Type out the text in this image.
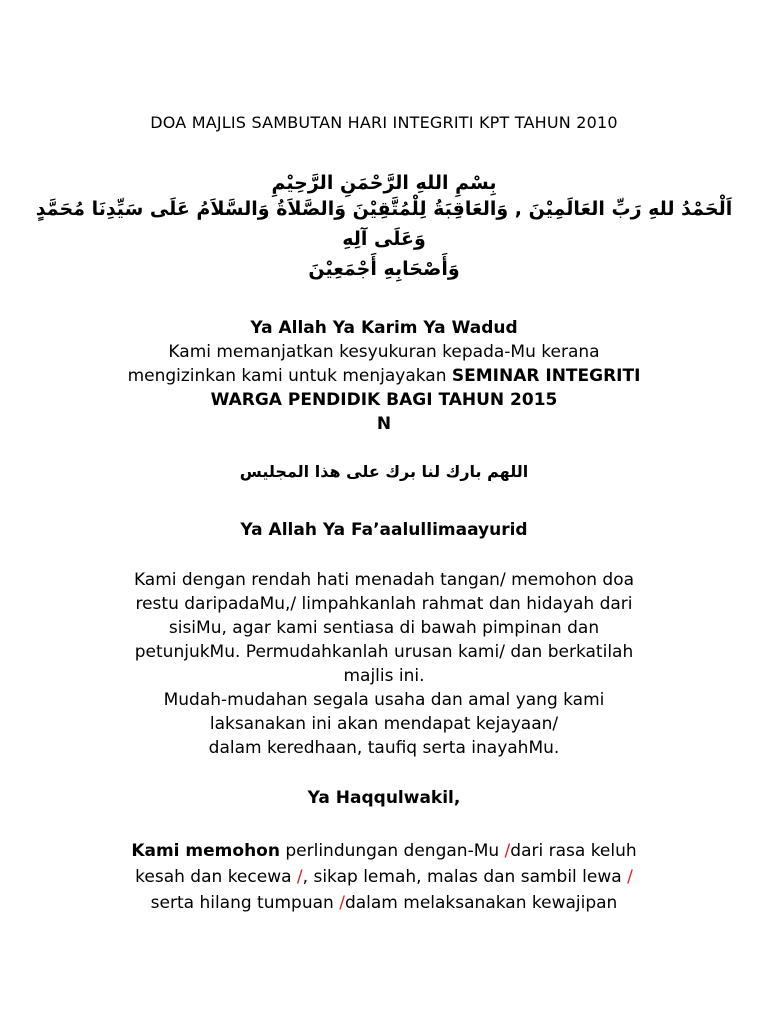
DOA MAJLIS SAMBUTAN HARI INTEGRITI KPT TAHUN 2010
بِسْمِ اللهِ الرَّحْمَنِ الرَّحِيْمِ
اَلْحَمْدُ للهِ رَبِّ العَالَمِيْنَ , وَالعَاقِبَةُ لِلْمُتَّقِيْنَ وَالصَّلاَةُ وَالسَّلاَمُ عَلَى سَيِّدِنَا مُحَمَّدٍ
وَعَلَى آلِهِ
وَأَصْحَابِهِ أَجْمَعِيْنَ
Ya Allah Ya Karim Ya Wadud
Kami memanjatkan kesyukuran kepada-Mu kerana
mengizinkan kami untuk menjayakan SEMINAR INTEGRITI
WARGA PENDIDIK BAGI TAHUN 2015
N
اللهم بارك لنا برك على هذا المجليس
Ya Allah Ya Fa’aalullimaayurid
Kami dengan rendah hati menadah tangan/ memohon doa
restu daripadaMu,/ limpahkanlah rahmat dan hidayah dari
sisiMu, agar kami sentiasa di bawah pimpinan dan
petunjukMu. Permudahkanlah urusan kami/ dan berkatilah
majlis ini.
Mudah-mudahan segala usaha dan amal yang kami
laksanakan ini akan mendapat kejayaan/
dalam keredhaan, taufiq serta inayahMu.
Ya Haqqulwakil,
Kami memohon perlindungan dengan-Mu /dari rasa keluh
kesah dan kecewa /, sikap lemah, malas dan sambil lewa /
serta hilang tumpuan /dalam melaksanakan kewajipan
